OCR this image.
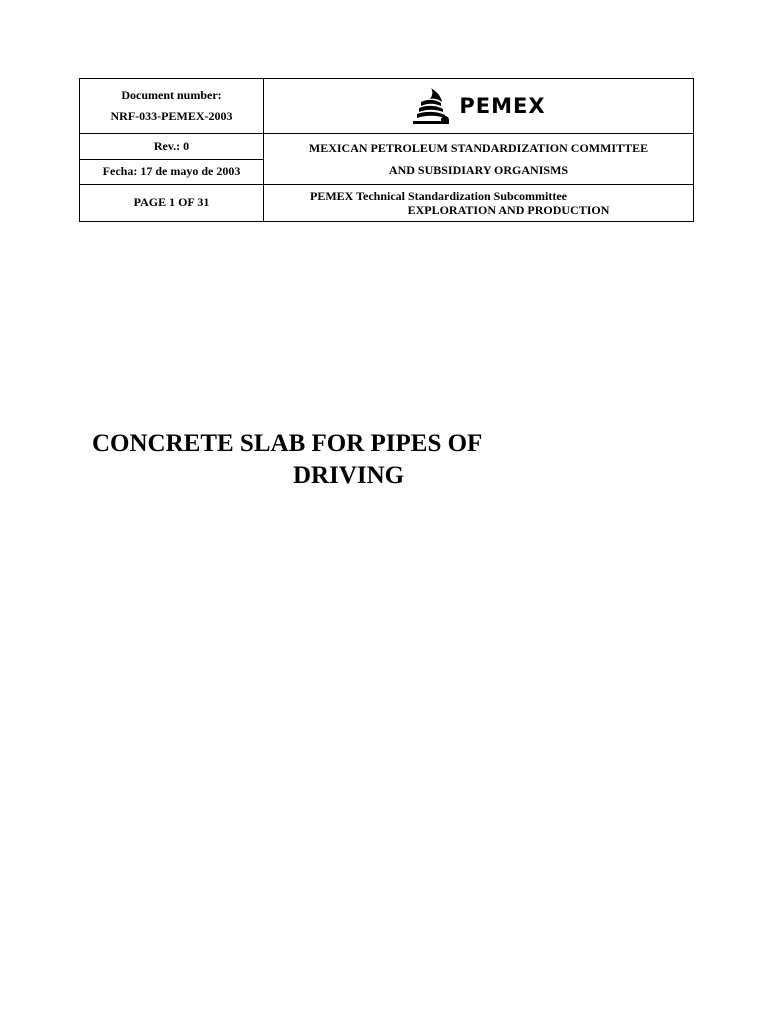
Document number:
NRF-033-PEMEX-2003
Rev.: 0
Fecha: 17 de mayo de 2003
PAGE 1 OF 31
PEMEX
MEXICAN PETROLEUM STANDARDIZATION COMMITTEE
AND SUBSIDIARY ORGANISMS
PEMEX Technical Standardization Subcommittee
EXPLORATION AND PRODUCTION
CONCRETE SLAB FOR PIPES OF
DRIVING
